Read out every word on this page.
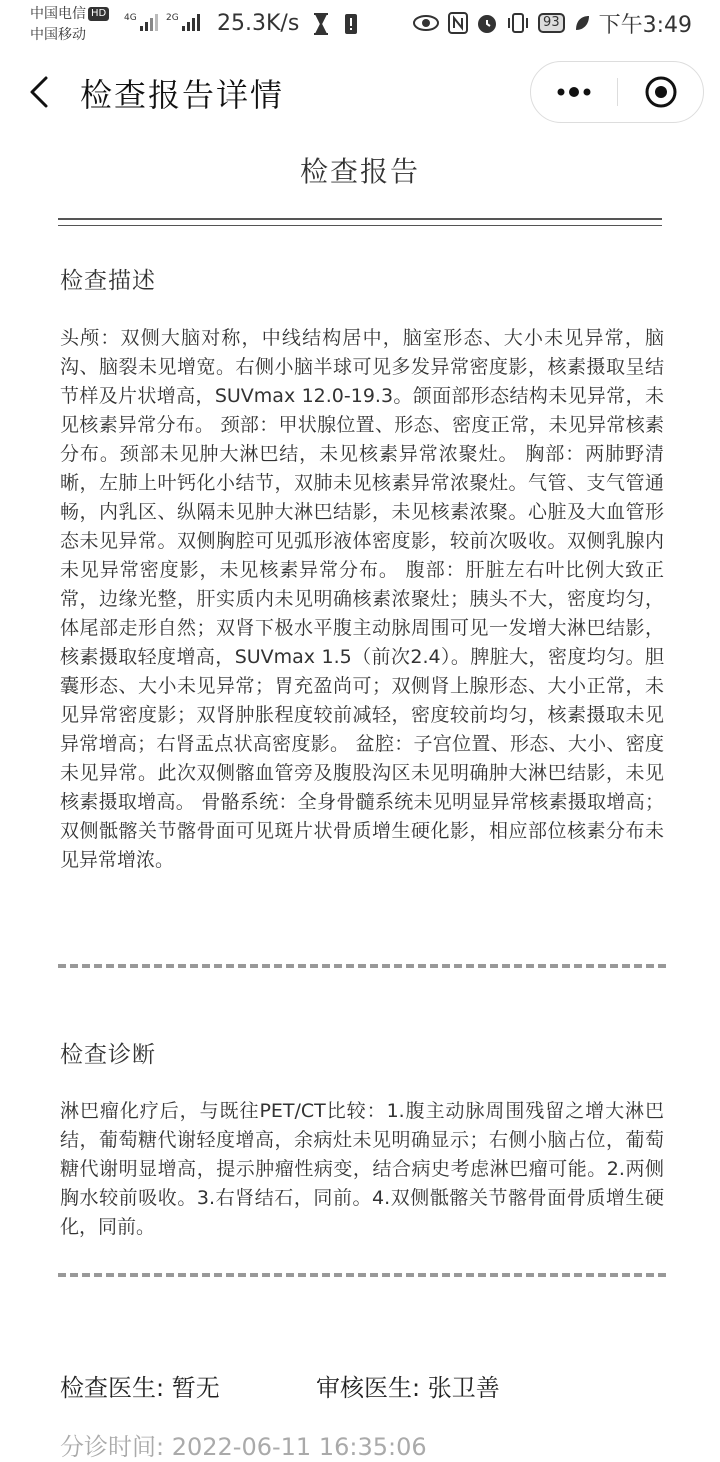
中国电信 HD
中国移动
4G	2G 25.3K/s	93 下午3:49
检查报告详情
检查报告
检查描述
头颅：双侧大脑对称，中线结构居中，脑室形态、大小未见异常，脑沟、脑裂未见增宽。右侧小脑半球可见多发异常密度影，核素摄取呈结节样及片状增高，SUVmax 12.0-19.3。颌面部形态结构未见异常，未见核素异常分布。 颈部：甲状腺位置、形态、密度正常，未见异常核素分布。颈部未见肿大淋巴结，未见核素异常浓聚灶。 胸部：两肺野清晰，左肺上叶钙化小结节，双肺未见核素异常浓聚灶。气管、支气管通畅，内乳区、纵隔未见肿大淋巴结影，未见核素浓聚。心脏及大血管形态未见异常。双侧胸腔可见弧形液体密度影，较前次吸收。双侧乳腺内未见异常密度影，未见核素异常分布。 腹部：肝脏左右叶比例大致正常，边缘光整，肝实质内未见明确核素浓聚灶；胰头不大，密度均匀，体尾部走形自然；双肾下极水平腹主动脉周围可见一发增大淋巴结影，核素摄取轻度增高，SUVmax 1.5（前次2.4）。脾脏大，密度均匀。胆囊形态、大小未见异常；胃充盈尚可；双侧肾上腺形态、大小正常，未见异常密度影；双肾肿胀程度较前减轻，密度较前均匀，核素摄取未见异常增高；右肾盂点状高密度影。 盆腔：子宫位置、形态、大小、密度未见异常。此次双侧髂血管旁及腹股沟区未见明确肿大淋巴结影，未见核素摄取增高。 骨骼系统：全身骨髓系统未见明显异常核素摄取增高；双侧骶髂关节髂骨面可见斑片状骨质增生硬化影，相应部位核素分布未见异常增浓。
检查诊断
淋巴瘤化疗后，与既往PET/CT比较：1.腹主动脉周围残留之增大淋巴结，葡萄糖代谢轻度增高，余病灶未见明确显示；右侧小脑占位，葡萄糖代谢明显增高，提示肿瘤性病变，结合病史考虑淋巴瘤可能。2.两侧胸水较前吸收。3.右肾结石，同前。4.双侧骶髂关节髂骨面骨质增生硬化，同前。
检查医生: 暂无	审核医生: 张卫善
分诊时间: 2022-06-11 16:35:06
